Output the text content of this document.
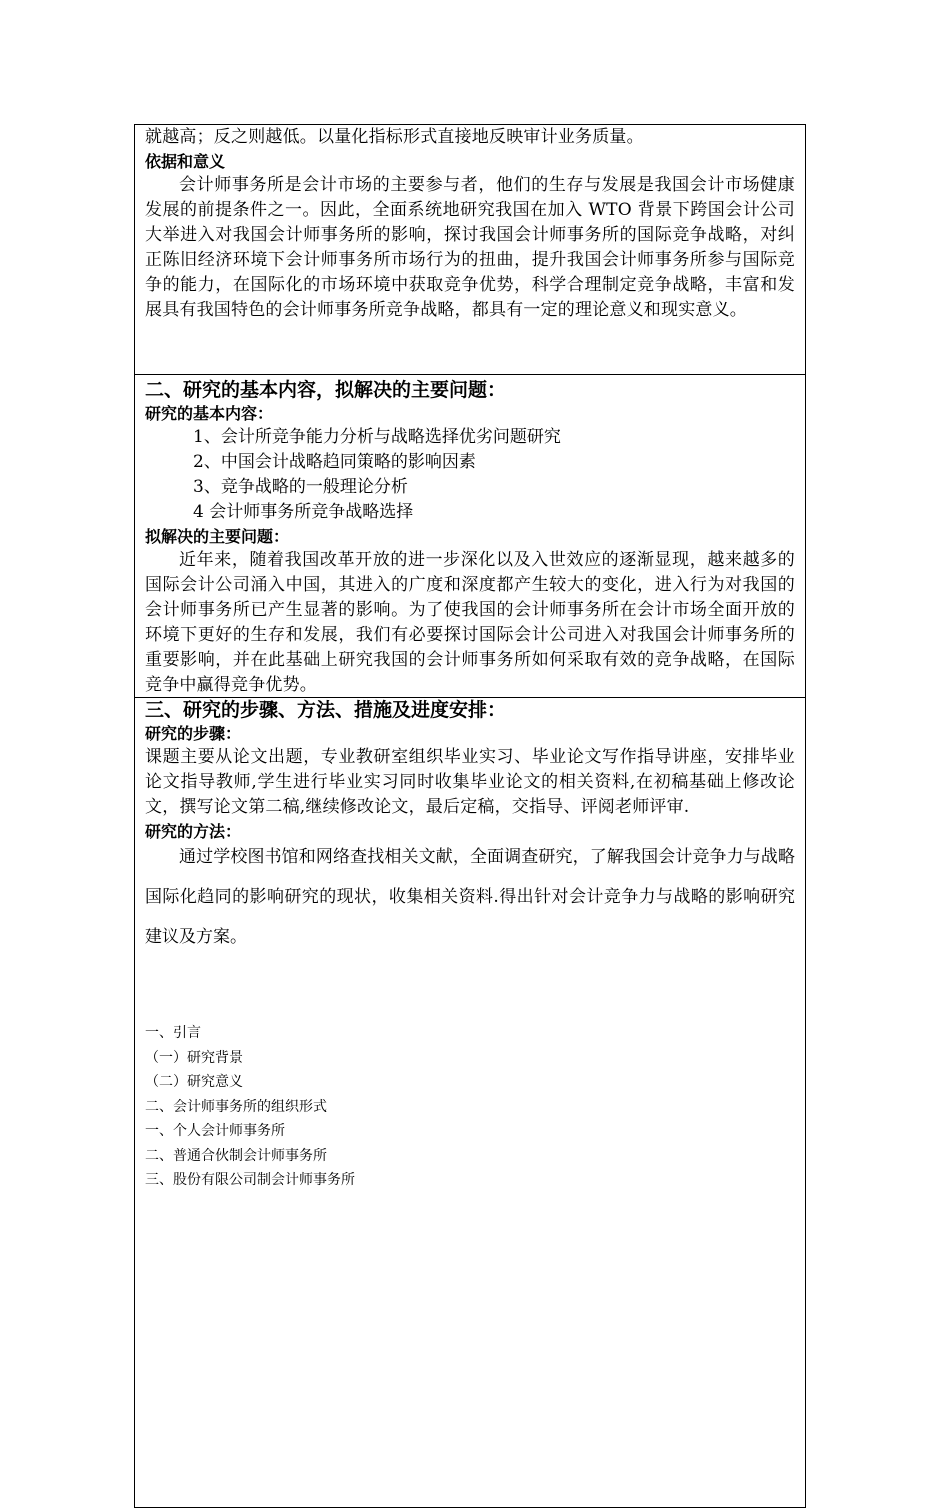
就越高；反之则越低。以量化指标形式直接地反映审计业务质量。

依据和意义

会计师事务所是会计市场的主要参与者，他们的生存与发展是我国会计市场健康发展的前提条件之一。因此，全面系统地研究我国在加入 WTO 背景下跨国会计公司大举进入对我国会计师事务所的影响，探讨我国会计师事务所的国际竞争战略，对纠正陈旧经济环境下会计师事务所市场行为的扭曲，提升我国会计师事务所参与国际竞争的能力，在国际化的市场环境中获取竞争优势，科学合理制定竞争战略，丰富和发展具有我国特色的会计师事务所竞争战略，都具有一定的理论意义和现实意义。

二、研究的基本内容，拟解决的主要问题：

研究的基本内容：

1、会计所竞争能力分析与战略选择优劣问题研究

2、中国会计战略趋同策略的影响因素

3、竞争战略的一般理论分析

4 会计师事务所竞争战略选择

拟解决的主要问题：

近年来，随着我国改革开放的进一步深化以及入世效应的逐渐显现，越来越多的国际会计公司涌入中国，其进入的广度和深度都产生较大的变化，进入行为对我国的会计师事务所已产生显著的影响。为了使我国的会计师事务所在会计市场全面开放的环境下更好的生存和发展，我们有必要探讨国际会计公司进入对我国会计师事务所的重要影响，并在此基础上研究我国的会计师事务所如何采取有效的竞争战略，在国际竞争中赢得竞争优势。

三、研究的步骤、方法、措施及进度安排：

研究的步骤：

课题主要从论文出题，专业教研室组织毕业实习、毕业论文写作指导讲座，安排毕业论文指导教师,学生进行毕业实习同时收集毕业论文的相关资料,在初稿基础上修改论文，撰写论文第二稿,继续修改论文，最后定稿，交指导、评阅老师评审.

研究的方法：

通过学校图书馆和网络查找相关文献，全面调查研究，了解我国会计竞争力与战略国际化趋同的影响研究的现状，收集相关资料.得出针对会计竞争力与战略的影响研究建议及方案。

一、引言

（一）研究背景

（二）研究意义

二、会计师事务所的组织形式

一、个人会计师事务所

二、普通合伙制会计师事务所

三、股份有限公司制会计师事务所
